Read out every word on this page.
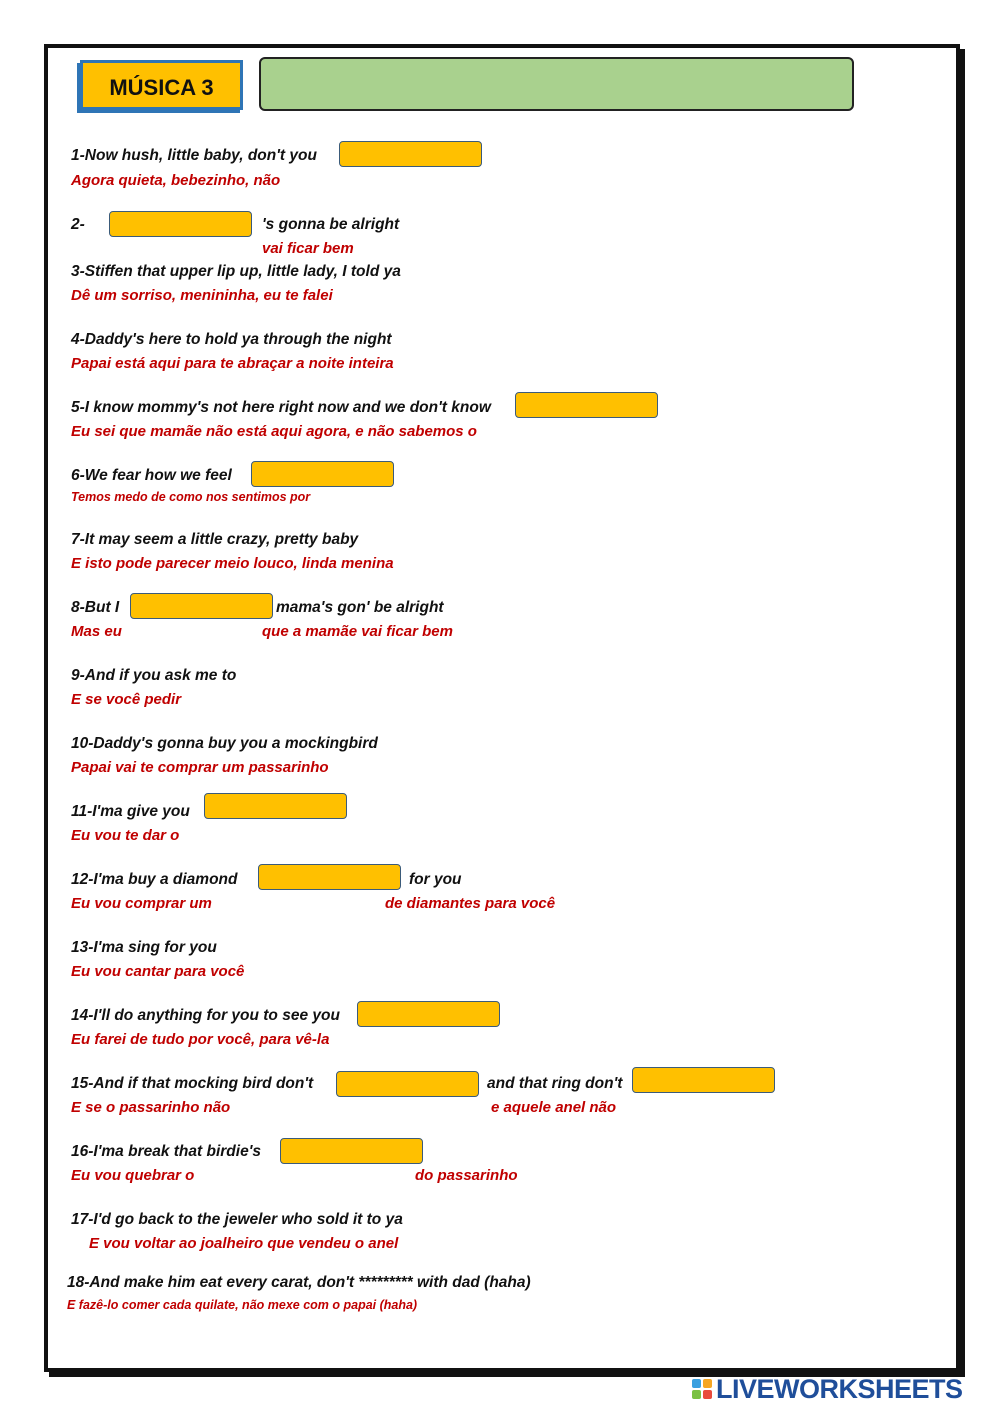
MÚSICA 3
1-Now hush, little baby, don't you
Agora quieta, bebezinho, não
2-	's gonna be alright
vai ficar bem
3-Stiffen that upper lip up, little lady, I told ya
Dê um sorriso, menininha, eu te falei
4-Daddy's here to hold ya through the night
Papai está aqui para te abraçar a noite inteira
5-I know mommy's not here right now and we don't know
Eu sei que mamãe não está aqui agora, e não sabemos o
6-We fear how we feel
Temos medo de como nos sentimos por
7-It may seem a little crazy, pretty baby
E isto pode parecer meio louco, linda menina
8-But I	mama's gon' be alright
Mas eu	que a mamãe vai ficar bem
9-And if you ask me to
E se você pedir
10-Daddy's gonna buy you a mockingbird
Papai vai te comprar um passarinho
11-I'ma give you
Eu vou te dar o
12-I'ma buy a diamond	for you
Eu vou comprar um	de diamantes para você
13-I'ma sing for you
Eu vou cantar para você
14-I'll do anything for you to see you
Eu farei de tudo por você, para vê-la
15-And if that mocking bird don't	and that ring don't
E se o passarinho não	e aquele anel não
16-I'ma break that birdie's
Eu vou quebrar o	do passarinho
17-I'd go back to the jeweler who sold it to ya
E vou voltar ao joalheiro que vendeu o anel
18-And make him eat every carat, don't ********* with dad (haha)
E fazê-lo comer cada quilate, não mexe com o papai (haha)
LIVEWORKSHEETS
